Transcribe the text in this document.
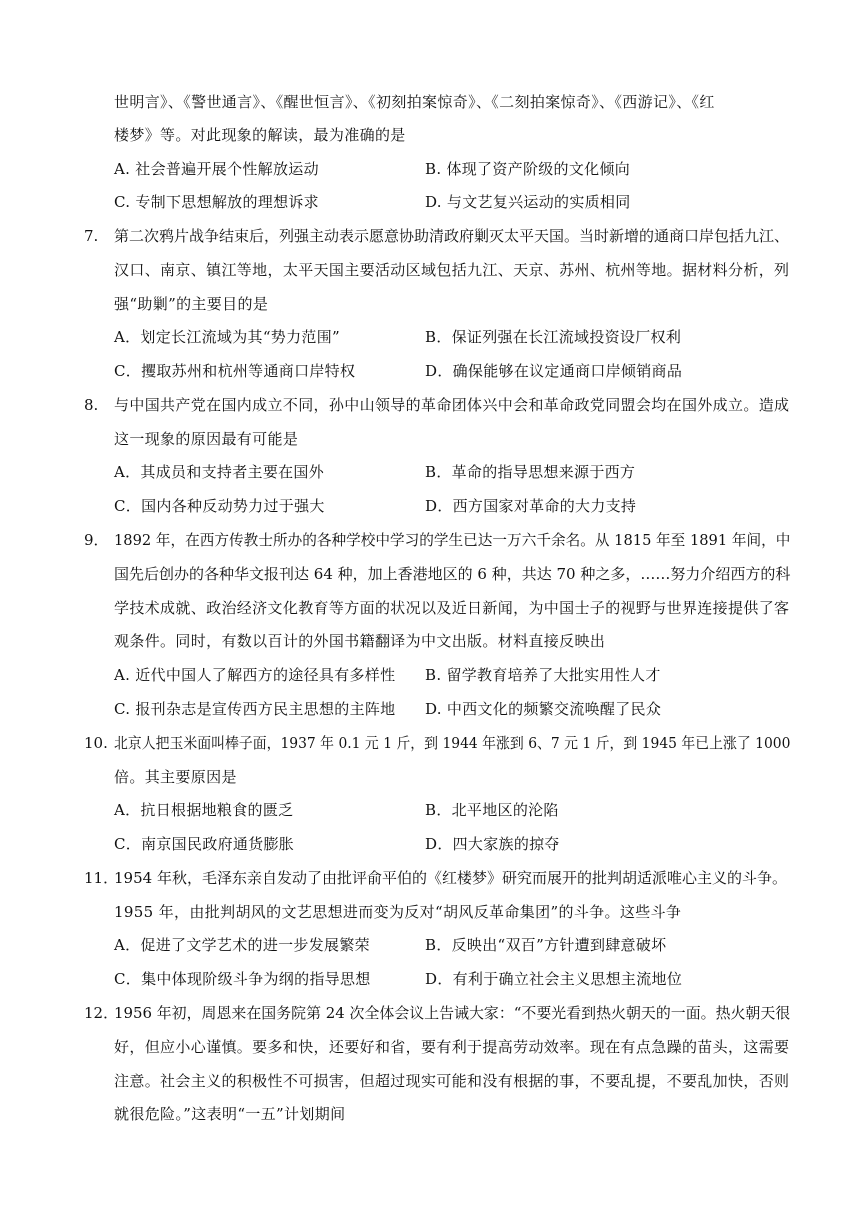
世明言》、《警世通言》、《醒世恒言》、《初刻拍案惊奇》、《二刻拍案惊奇》、《西游记》、《红
楼梦》等。对此现象的解读，最为准确的是
A. 社会普遍开展个性解放运动	B. 体现了资产阶级的文化倾向
C. 专制下思想解放的理想诉求	D. 与文艺复兴运动的实质相同
7. 第二次鸦片战争结束后，列强主动表示愿意协助清政府剿灭太平天国。当时新增的通商口岸包括九江、
汉口、南京、镇江等地，太平天国主要活动区域包括九江、天京、苏州、杭州等地。据材料分析，列
强“助剿”的主要目的是
A．划定长江流域为其“势力范围”	B．保证列强在长江流域投资设厂权利
C．攫取苏州和杭州等通商口岸特权	D．确保能够在议定通商口岸倾销商品
8. 与中国共产党在国内成立不同，孙中山领导的革命团体兴中会和革命政党同盟会均在国外成立。造成
这一现象的原因最有可能是
A．其成员和支持者主要在国外	B．革命的指导思想来源于西方
C．国内各种反动势力过于强大	D．西方国家对革命的大力支持
9． 1892 年，在西方传教士所办的各种学校中学习的学生已达一万六千余名。从 1815 年至 1891 年间，中
国先后创办的各种华文报刊达 64 种，加上香港地区的 6 种，共达 70 种之多，……努力介绍西方的科
学技术成就、政治经济文化教育等方面的状况以及近日新闻，为中国士子的视野与世界连接提供了客
观条件。同时，有数以百计的外国书籍翻译为中文出版。材料直接反映出
A. 近代中国人了解西方的途径具有多样性 B. 留学教育培养了大批实用性人才
C. 报刊杂志是宣传西方民主思想的主阵地 D. 中西文化的频繁交流唤醒了民众
10. 北京人把玉米面叫棒子面，1937 年 0.1 元 1 斤，到 1944 年涨到 6、7 元 1 斤，到 1945 年已上涨了 1000
倍。其主要原因是
A．抗日根据地粮食的匮乏	B．北平地区的沦陷
C．南京国民政府通货膨胀	D．四大家族的掠夺
11．
1954 年秋，毛泽东亲自发动了由批评俞平伯的《红楼梦》研究而展开的批判胡适派唯心主义的斗争。
1955 年，由批判胡风的文艺思想进而变为反对“胡风反革命集团”的斗争。这些斗争
A．促进了文学艺术的进一步发展繁荣	B．反映出“双百”方针遭到肆意破坏
C．集中体现阶级斗争为纲的指导思想	D．有利于确立社会主义思想主流地位
12．
1956 年初，周恩来在国务院第 24 次全体会议上告诫大家：“不要光看到热火朝天的一面。热火朝天很
好，但应小心谨慎。要多和快，还要好和省，要有利于提高劳动效率。现在有点急躁的苗头，这需要
注意。社会主义的积极性不可损害，但超过现实可能和没有根据的事，不要乱提，不要乱加快，否则
就很危险。”这表明“一五”计划期间
